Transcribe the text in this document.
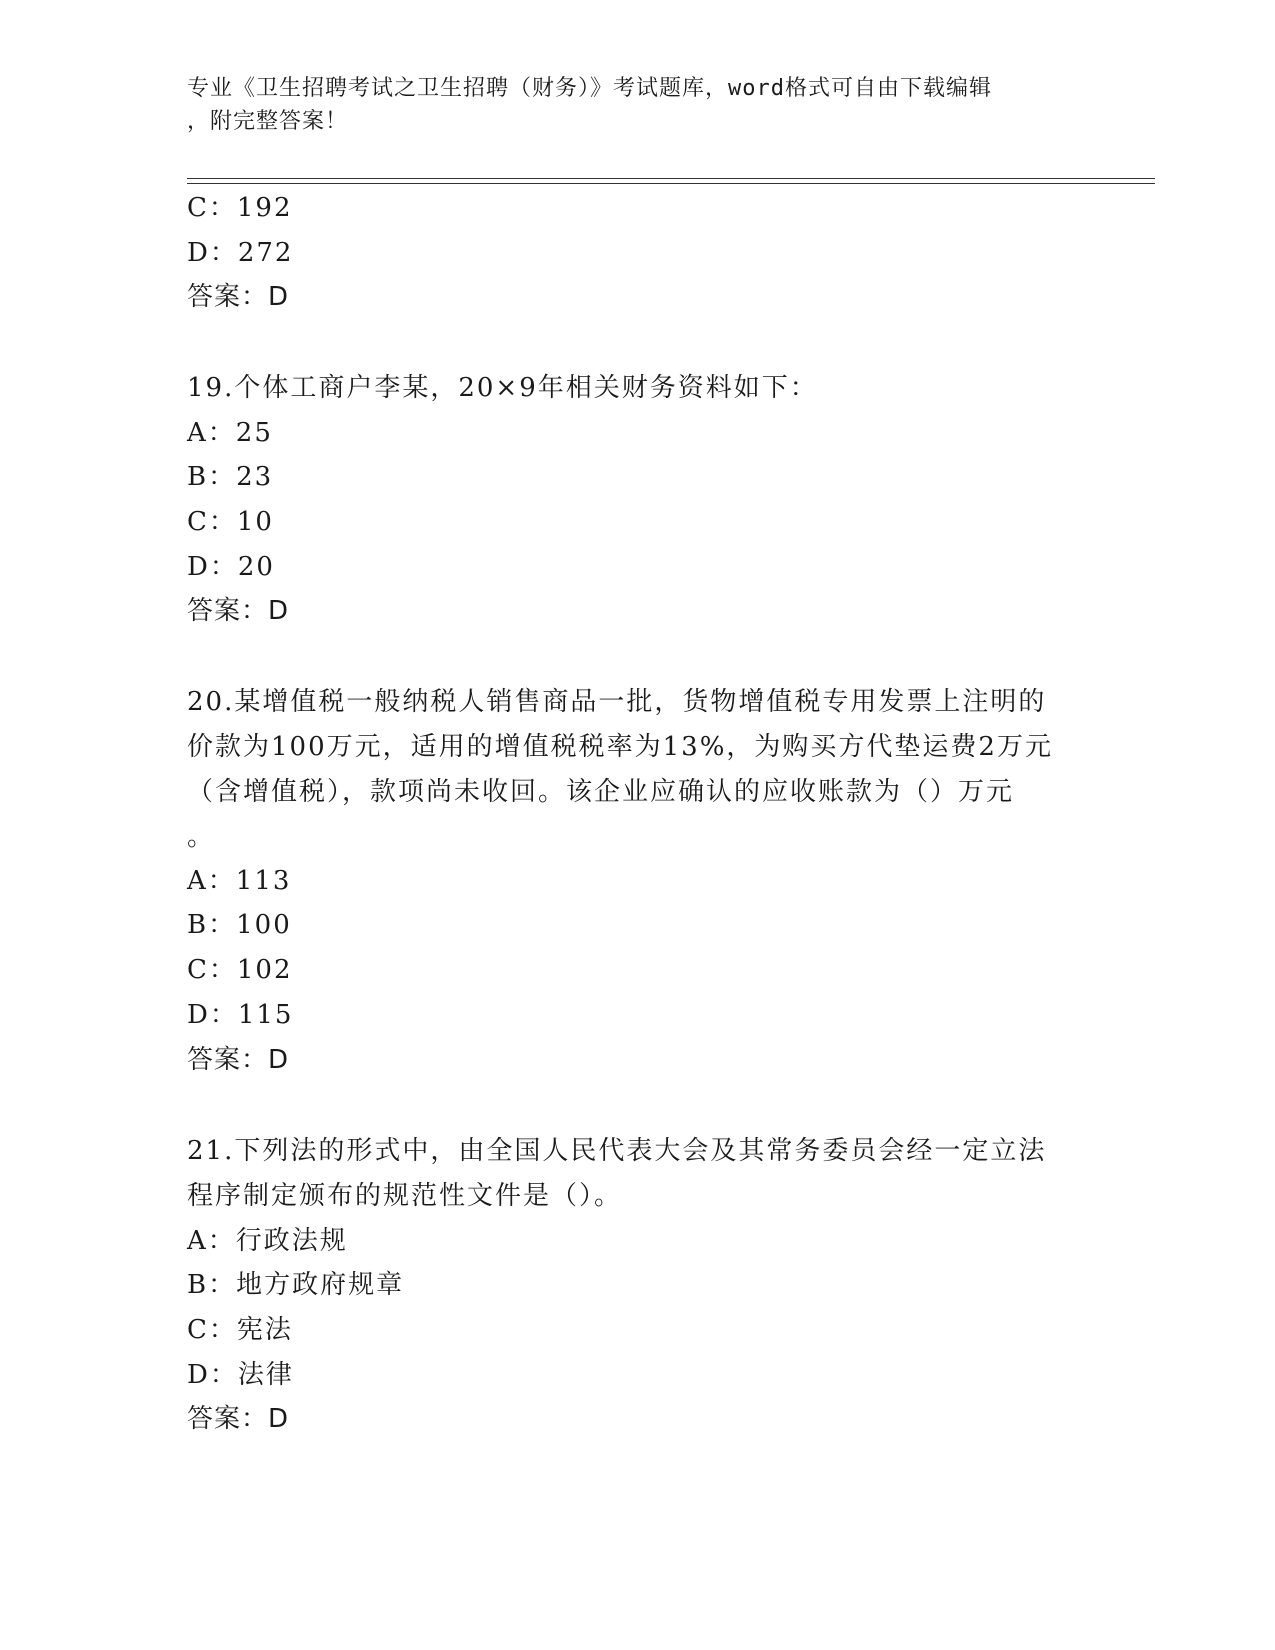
专业《卫生招聘考试之卫生招聘（财务）》考试题库，word格式可自由下载编辑
，附完整答案！
C：192
D：272
答案：D
19.个体工商户李某，20×9年相关财务资料如下：
A：25
B：23
C：10
D：20
答案：D
20.某增值税一般纳税人销售商品一批，货物增值税专用发票上注明的
价款为100万元，适用的增值税税率为13%，为购买方代垫运费2万元
（含增值税），款项尚未收回。该企业应确认的应收账款为（）万元
。
A：113
B：100
C：102
D：115
答案：D
21.下列法的形式中，由全国人民代表大会及其常务委员会经一定立法
程序制定颁布的规范性文件是（）。
A：行政法规
B：地方政府规章
C：宪法
D：法律
答案：D
